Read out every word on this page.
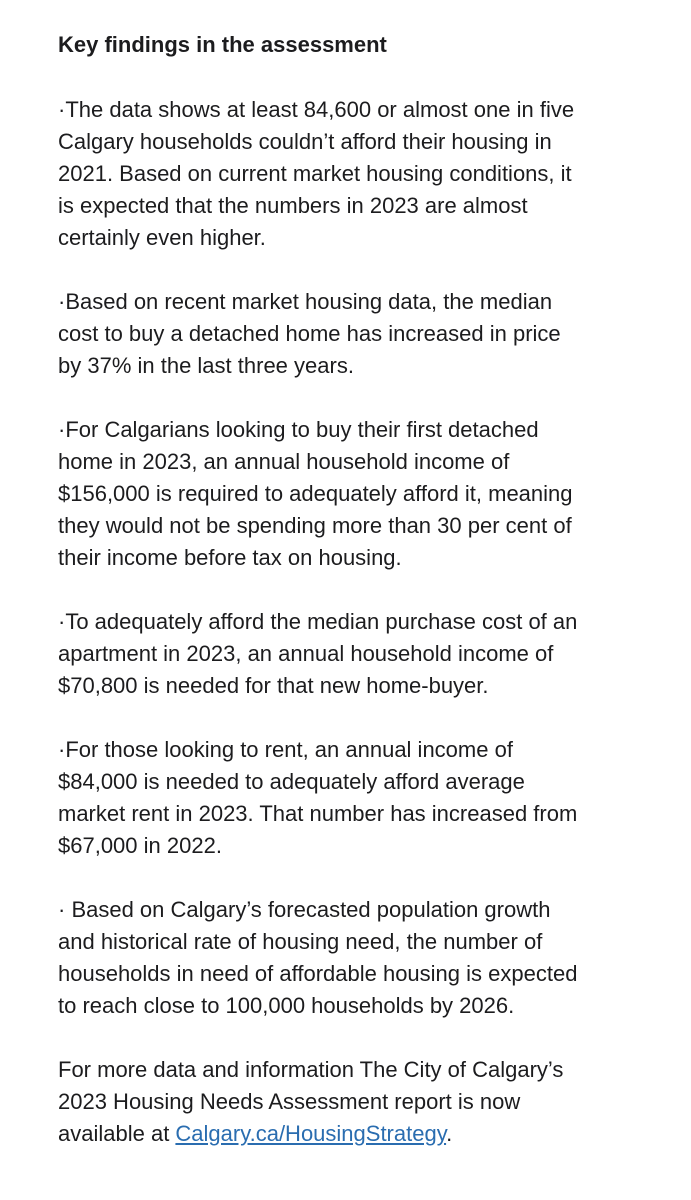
Key findings in the assessment
·The data shows at least 84,600 or almost one in five
Calgary households couldn’t afford their housing in
2021. Based on current market housing conditions, it
is expected that the numbers in 2023 are almost
certainly even higher.
·Based on recent market housing data, the median
cost to buy a detached home has increased in price
by 37% in the last three years.
·For Calgarians looking to buy their first detached
home in 2023, an annual household income of
$156,000 is required to adequately afford it, meaning
they would not be spending more than 30 per cent of
their income before tax on housing.
·To adequately afford the median purchase cost of an
apartment in 2023, an annual household income of
$70,800 is needed for that new home-buyer.
·For those looking to rent, an annual income of
$84,000 is needed to adequately afford average
market rent in 2023. That number has increased from
$67,000 in 2022.
· Based on Calgary’s forecasted population growth
and historical rate of housing need, the number of
households in need of affordable housing is expected
to reach close to 100,000 households by 2026.
For more data and information The City of Calgary’s
2023 Housing Needs Assessment report is now
available at Calgary.ca/HousingStrategy.
